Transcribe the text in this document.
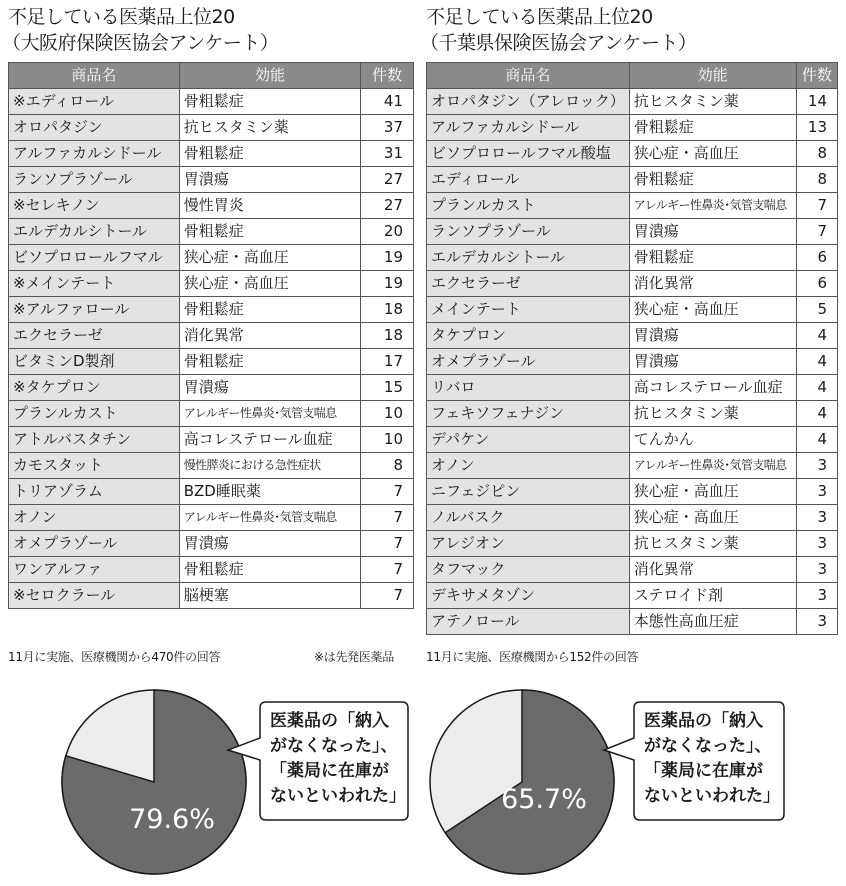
不足している医薬品上位20
（大阪府保険医協会アンケート）
商品名	効能	件数
※エディロール	骨粗鬆症	41
オロパタジン	抗ヒスタミン薬	37
アルファカルシドール	骨粗鬆症	31
ランソプラゾール	胃潰瘍	27
※セレキノン	慢性胃炎	27
エルデカルシトール	骨粗鬆症	20
ビソプロロールフマル	狭心症・高血圧	19
※メインテート	狭心症・高血圧	19
※アルファロール	骨粗鬆症	18
エクセラーゼ	消化異常	18
ビタミンD製剤	骨粗鬆症	17
※タケプロン	胃潰瘍	15
プランルカスト	アレルギー性鼻炎･気管支喘息	10
アトルバスタチン	高コレステロール血症	10
カモスタット	慢性膵炎における急性症状	8
トリアゾラム	BZD睡眠薬	7
オノン	アレルギー性鼻炎･気管支喘息	7
オメプラゾール	胃潰瘍	7
ワンアルファ	骨粗鬆症	7
※セロクラール	脳梗塞	7
11月に実施、医療機関から470件の回答	※は先発医薬品
79.6%
医薬品の「納入
がなくなった」、
「薬局に在庫が
ないといわれた」
不足している医薬品上位20
（千葉県保険医協会アンケート）
商品名	効能	件数
オロパタジン（アレロック）	抗ヒスタミン薬	14
アルファカルシドール	骨粗鬆症	13
ビソプロロールフマル酸塩	狭心症・高血圧	8
エディロール	骨粗鬆症	8
プランルカスト	アレルギー性鼻炎･気管支喘息	7
ランソプラゾール	胃潰瘍	7
エルデカルシトール	骨粗鬆症	6
エクセラーゼ	消化異常	6
メインテート	狭心症・高血圧	5
タケプロン	胃潰瘍	4
オメプラゾール	胃潰瘍	4
リバロ	高コレステロール血症	4
フェキソフェナジン	抗ヒスタミン薬	4
デパケン	てんかん	4
オノン	アレルギー性鼻炎･気管支喘息	3
ニフェジピン	狭心症・高血圧	3
ノルバスク	狭心症・高血圧	3
アレジオン	抗ヒスタミン薬	3
タフマック	消化異常	3
デキサメタゾン	ステロイド剤	3
アテノロール	本態性高血圧症	3
11月に実施、医療機関から152件の回答
65.7%
医薬品の「納入
がなくなった」、
「薬局に在庫が
ないといわれた」
